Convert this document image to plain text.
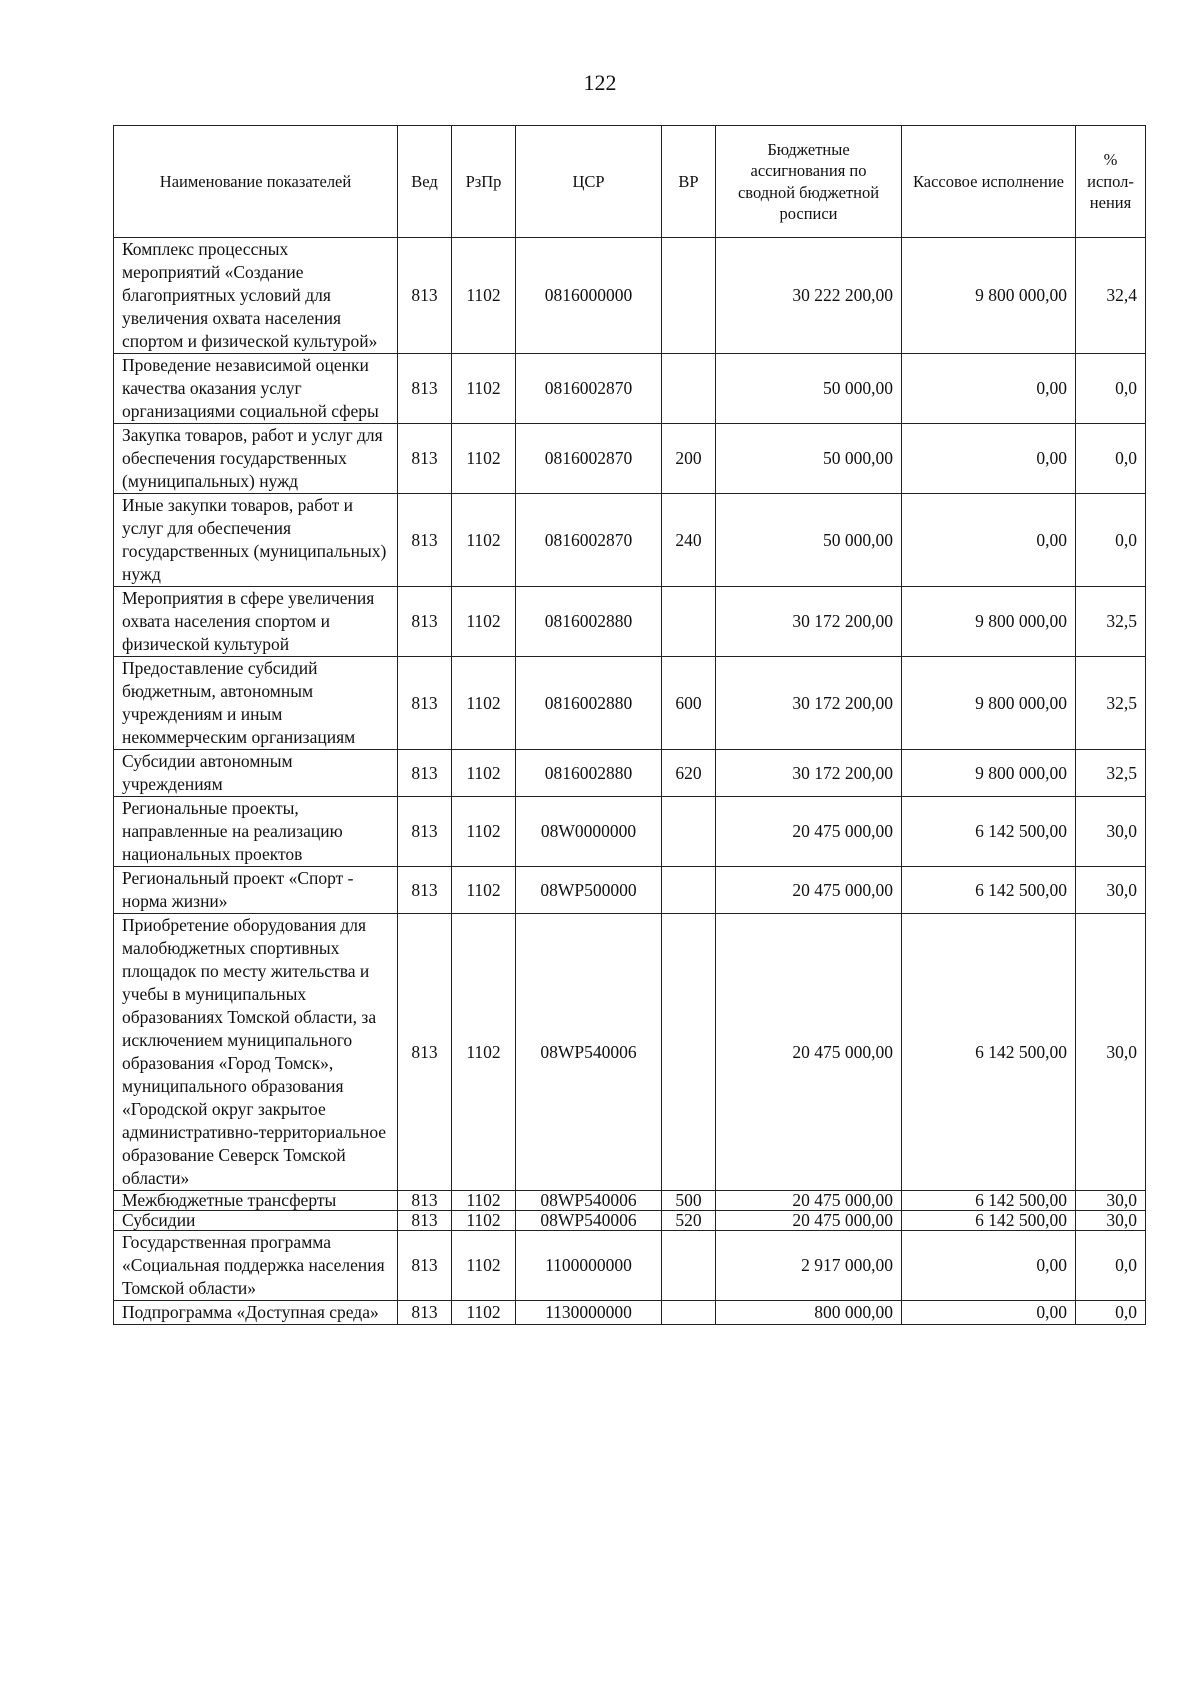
122
Наименование показателей	Вед	РзПр	ЦСР	ВР	Бюджетные ассигнования по сводной бюджетной росписи	Кассовое исполнение	% испол-нения
Комплекс процессных мероприятий «Создание благоприятных условий для увеличения охвата населения спортом и физической культурой»	813	1102	0816000000		30 222 200,00	9 800 000,00	32,4
Проведение независимой оценки качества оказания услуг организациями социальной сферы	813	1102	0816002870		50 000,00	0,00	0,0
Закупка товаров, работ и услуг для обеспечения государственных (муниципальных) нужд	813	1102	0816002870	200	50 000,00	0,00	0,0
Иные закупки товаров, работ и услуг для обеспечения государственных (муниципальных) нужд	813	1102	0816002870	240	50 000,00	0,00	0,0
Мероприятия в сфере увеличения охвата населения спортом и физической культурой	813	1102	0816002880		30 172 200,00	9 800 000,00	32,5
Предоставление субсидий бюджетным, автономным учреждениям и иным некоммерческим организациям	813	1102	0816002880	600	30 172 200,00	9 800 000,00	32,5
Субсидии автономным учреждениям	813	1102	0816002880	620	30 172 200,00	9 800 000,00	32,5
Региональные проекты, направленные на реализацию национальных проектов	813	1102	08W0000000		20 475 000,00	6 142 500,00	30,0
Региональный проект «Спорт - норма жизни»	813	1102	08WP500000		20 475 000,00	6 142 500,00	30,0
Приобретение оборудования для малобюджетных спортивных площадок по месту жительства и учебы в муниципальных образованиях Томской области, за исключением муниципального образования «Город Томск», муниципального образования «Городской округ закрытое административно-территориальное образование Северск Томской области»	813	1102	08WP540006		20 475 000,00	6 142 500,00	30,0
Межбюджетные трансферты	813	1102	08WP540006	500	20 475 000,00	6 142 500,00	30,0
Субсидии	813	1102	08WP540006	520	20 475 000,00	6 142 500,00	30,0
Государственная программа «Социальная поддержка населения Томской области»	813	1102	1100000000		2 917 000,00	0,00	0,0
Подпрограмма «Доступная среда»	813	1102	1130000000		800 000,00	0,00	0,0
